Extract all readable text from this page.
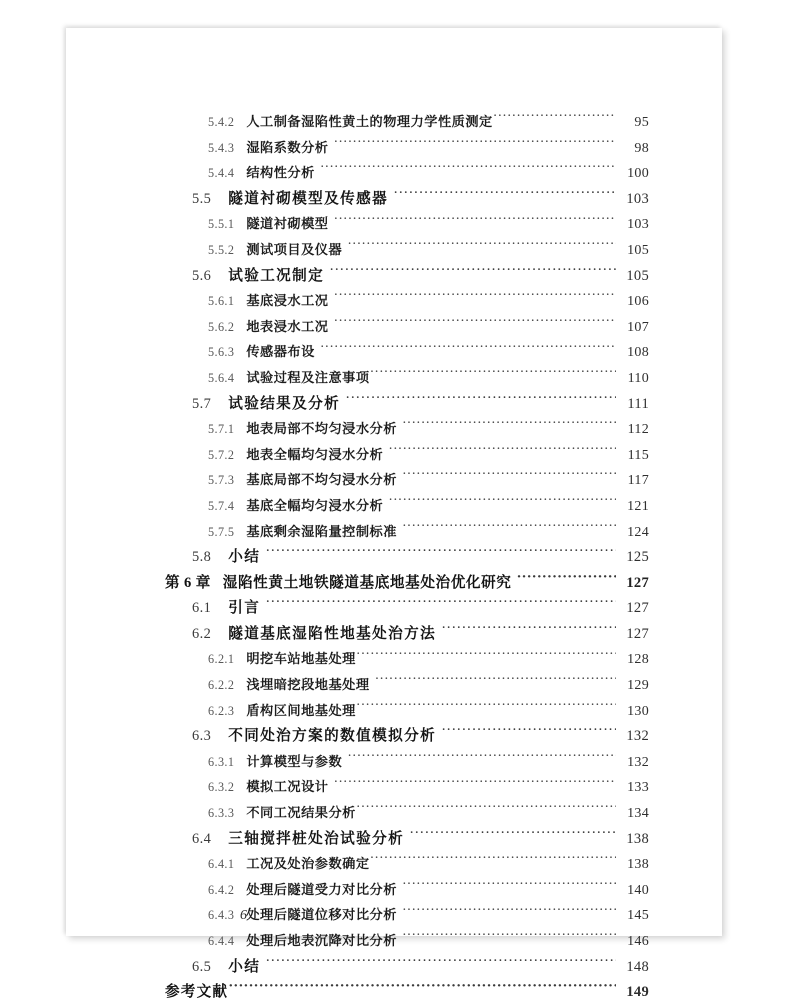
5.4.2 人工制备湿陷性黄土的物理力学性质测定 ·····	95
5.4.3 湿陷系数分析 ·····	98
5.4.4 结构性分析 ·····	100
5.5 隧道衬砌模型及传感器 ·····	103
5.5.1 隧道衬砌模型 ·····	103
5.5.2 测试项目及仪器 ·····	105
5.6 试验工况制定 ·····	105
5.6.1 基底浸水工况 ·····	106
5.6.2 地表浸水工况 ·····	107
5.6.3 传感器布设 ·····	108
5.6.4 试验过程及注意事项 ·····	110
5.7 试验结果及分析 ·····	111
5.7.1 地表局部不均匀浸水分析 ·····	112
5.7.2 地表全幅均匀浸水分析 ·····	115
5.7.3 基底局部不均匀浸水分析 ·····	117
5.7.4 基底全幅均匀浸水分析 ·····	121
5.7.5 基底剩余湿陷量控制标准 ·····	124
5.8 小结 ·····	125
第 6 章 湿陷性黄土地铁隧道基底地基处治优化研究 ·····	127
6.1 引言 ·····	127
6.2 隧道基底湿陷性地基处治方法 ·····	127
6.2.1 明挖车站地基处理 ·····	128
6.2.2 浅埋暗挖段地基处理 ·····	129
6.2.3 盾构区间地基处理 ·····	130
6.3 不同处治方案的数值模拟分析 ·····	132
6.3.1 计算模型与参数 ·····	132
6.3.2 模拟工况设计 ·····	133
6.3.3 不同工况结果分析 ·····	134
6.4 三轴搅拌桩处治试验分析 ·····	138
6.4.1 工况及处治参数确定 ·····	138
6.4.2 处理后隧道受力对比分析 ·····	140
6.4.3 处理后隧道位移对比分析 ·····	145
6.4.4 处理后地表沉降对比分析 ·····	146
6.5 小结 ·····	148
参考文献 ·····	149
6
